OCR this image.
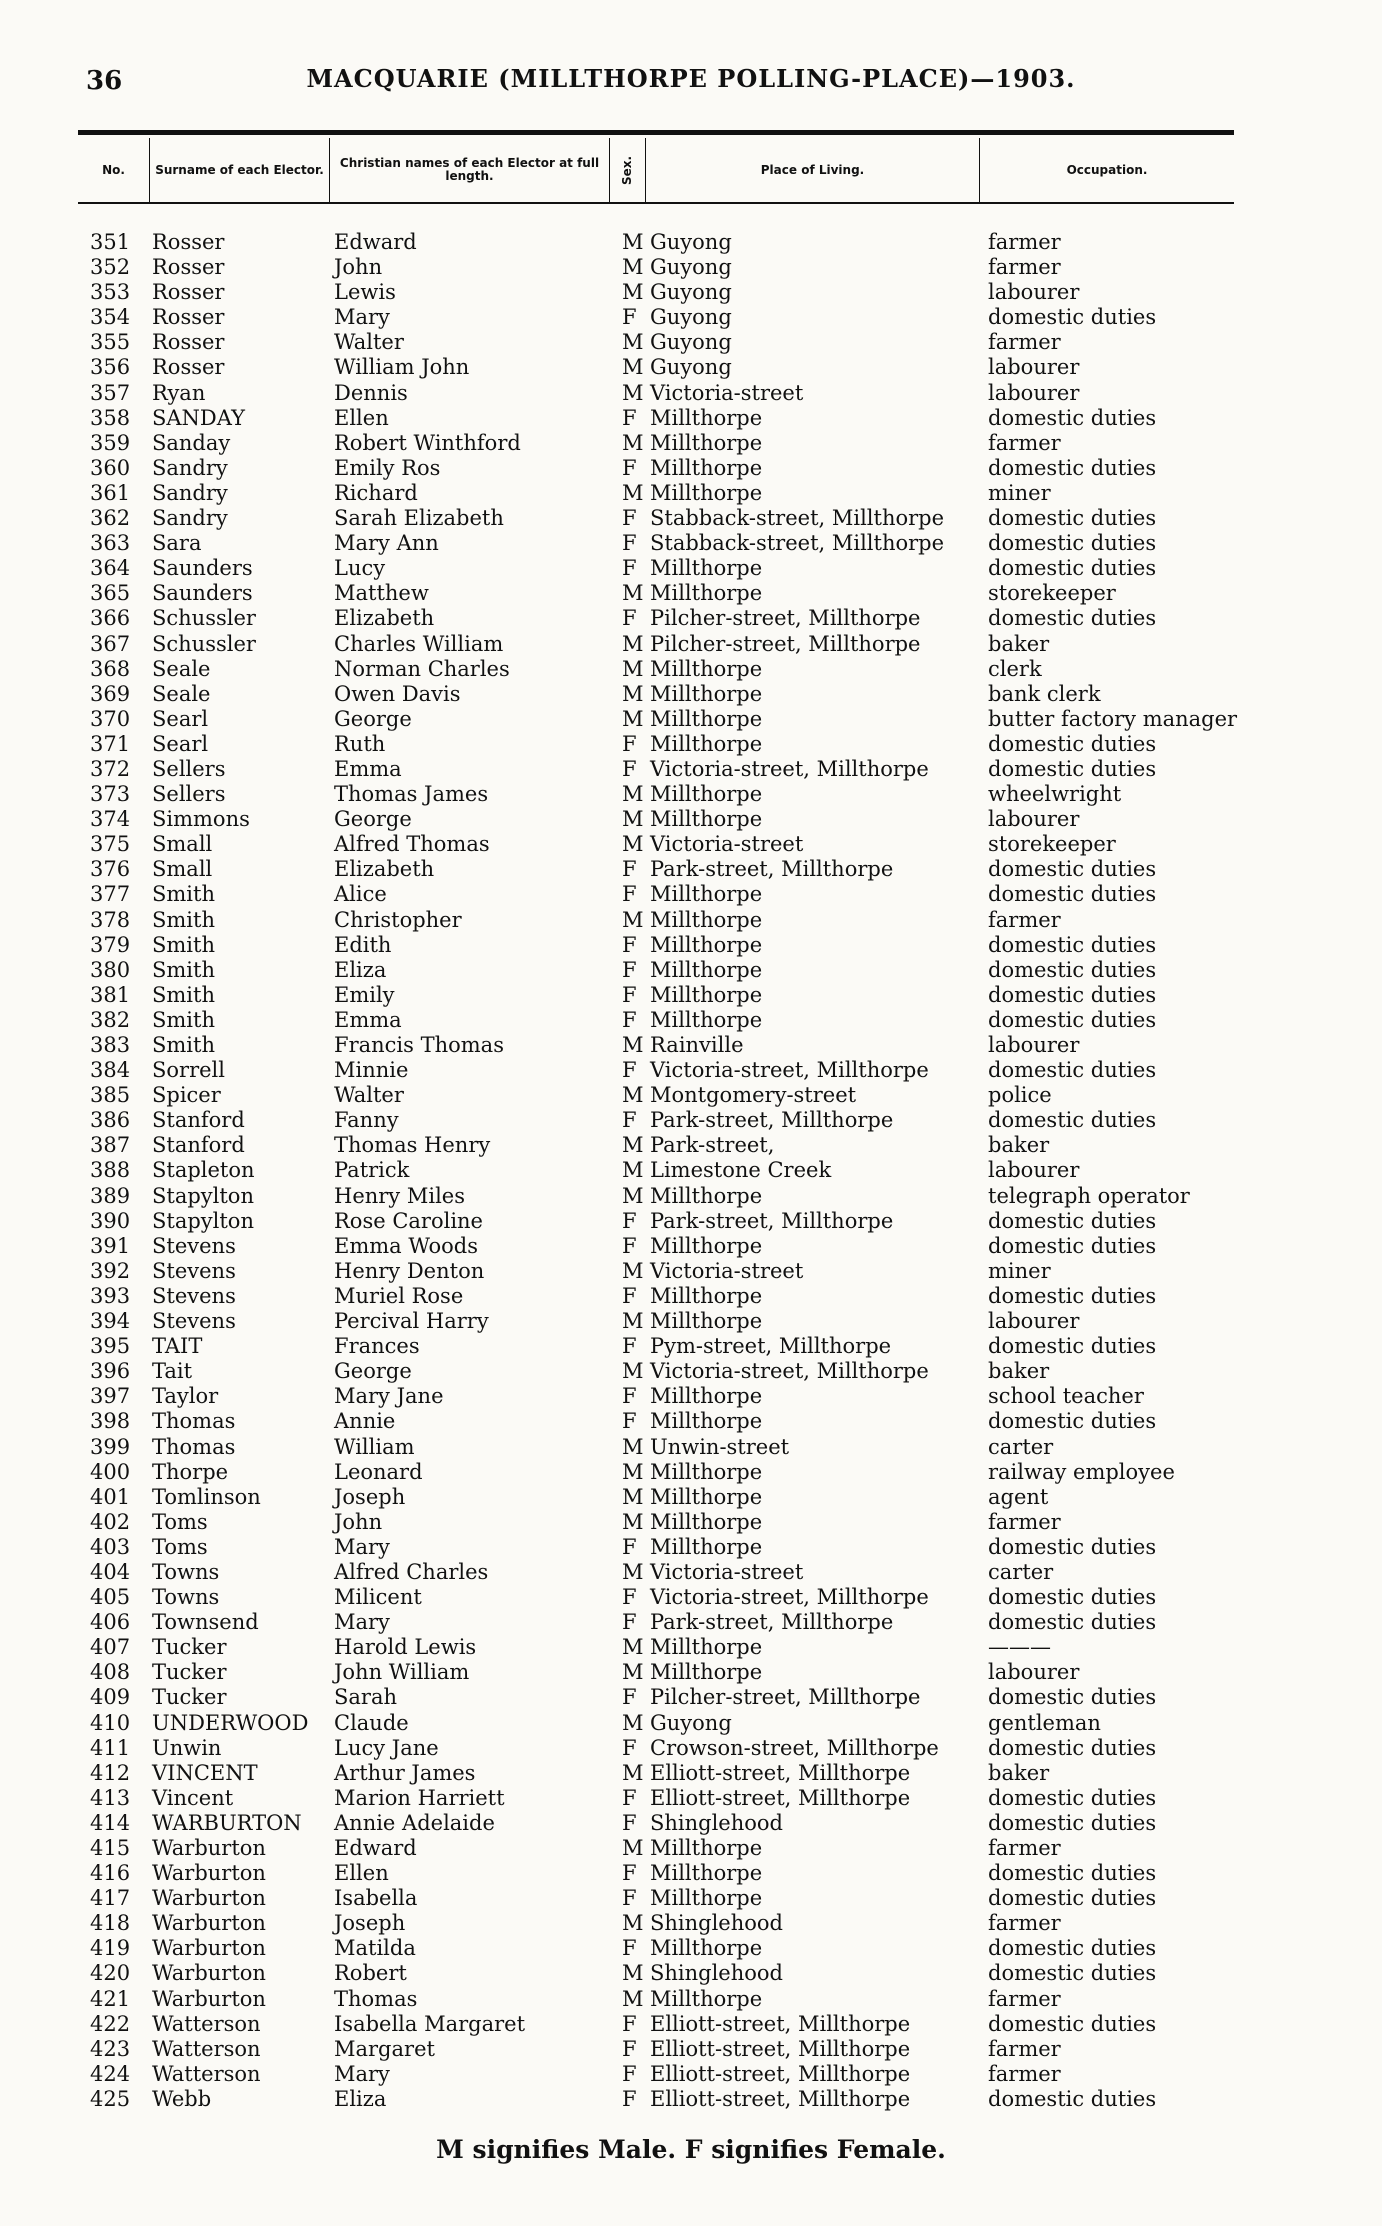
36	MACQUARIE (MILLTHORPE POLLING-PLACE)—1903.
No.	Surname of each Elector.	Christian names of each Elector at full length.	Sex.	Place of Living.	Occupation.
351	Rosser	Edward	M Guyong	farmer
352	Rosser	John	M Guyong	farmer
353	Rosser	Lewis	M Guyong	labourer
354	Rosser	Mary	F Guyong	domestic duties
355	Rosser	Walter	M Guyong	farmer
356	Rosser	William John	M Guyong	labourer
357	Ryan	Dennis	M Victoria-street	labourer
358	SANDAY	Ellen	F Millthorpe	domestic duties
359	Sanday	Robert Winthford	M Millthorpe	farmer
360	Sandry	Emily Ros	F Millthorpe	domestic duties
361	Sandry	Richard	M Millthorpe	miner
362	Sandry	Sarah Elizabeth	F Stabback-street, Millthorpe	domestic duties
363	Sara	Mary Ann	F Stabback-street, Millthorpe	domestic duties
364	Saunders	Lucy	F Millthorpe	domestic duties
365	Saunders	Matthew	M Millthorpe	storekeeper
366	Schussler	Elizabeth	F Pilcher-street, Millthorpe	domestic duties
367	Schussler	Charles William	M Pilcher-street, Millthorpe	baker
368	Seale	Norman Charles	M Millthorpe	clerk
369	Seale	Owen Davis	M Millthorpe	bank clerk
370	Searl	George	M Millthorpe	butter factory manager
371	Searl	Ruth	F Millthorpe	domestic duties
372	Sellers	Emma	F Victoria-street, Millthorpe	domestic duties
373	Sellers	Thomas James	M Millthorpe	wheelwright
374	Simmons	George	M Millthorpe	labourer
375	Small	Alfred Thomas	M Victoria-street	storekeeper
376	Small	Elizabeth	F Park-street, Millthorpe	domestic duties
377	Smith	Alice	F Millthorpe	domestic duties
378	Smith	Christopher	M Millthorpe	farmer
379	Smith	Edith	F Millthorpe	domestic duties
380	Smith	Eliza	F Millthorpe	domestic duties
381	Smith	Emily	F Millthorpe	domestic duties
382	Smith	Emma	F Millthorpe	domestic duties
383	Smith	Francis Thomas	M Rainville	labourer
384	Sorrell	Minnie	F Victoria-street, Millthorpe	domestic duties
385	Spicer	Walter	M Montgomery-street	police
386	Stanford	Fanny	F Park-street, Millthorpe	domestic duties
387	Stanford	Thomas Henry	M Park-street,	baker
388	Stapleton	Patrick	M Limestone Creek	labourer
389	Stapylton	Henry Miles	M Millthorpe	telegraph operator
390	Stapylton	Rose Caroline	F Park-street, Millthorpe	domestic duties
391	Stevens	Emma Woods	F Millthorpe	domestic duties
392	Stevens	Henry Denton	M Victoria-street	miner
393	Stevens	Muriel Rose	F Millthorpe	domestic duties
394	Stevens	Percival Harry	M Millthorpe	labourer
395	TAIT	Frances	F Pym-street, Millthorpe	domestic duties
396	Tait	George	M Victoria-street, Millthorpe	baker
397	Taylor	Mary Jane	F Millthorpe	school teacher
398	Thomas	Annie	F Millthorpe	domestic duties
399	Thomas	William	M Unwin-street	carter
400	Thorpe	Leonard	M Millthorpe	railway employee
401	Tomlinson	Joseph	M Millthorpe	agent
402	Toms	John	M Millthorpe	farmer
403	Toms	Mary	F Millthorpe	domestic duties
404	Towns	Alfred Charles	M Victoria-street	carter
405	Towns	Milicent	F Victoria-street, Millthorpe	domestic duties
406	Townsend	Mary	F Park-street, Millthorpe	domestic duties
407	Tucker	Harold Lewis	M Millthorpe	———
408	Tucker	John William	M Millthorpe	labourer
409	Tucker	Sarah	F Pilcher-street, Millthorpe	domestic duties
410	UNDERWOOD	Claude	M Guyong	gentleman
411	Unwin	Lucy Jane	F Crowson-street, Millthorpe	domestic duties
412	VINCENT	Arthur James	M Elliott-street, Millthorpe	baker
413	Vincent	Marion Harriett	F Elliott-street, Millthorpe	domestic duties
414	WARBURTON	Annie Adelaide	F Shinglehood	domestic duties
415	Warburton	Edward	M Millthorpe	farmer
416	Warburton	Ellen	F Millthorpe	domestic duties
417	Warburton	Isabella	F Millthorpe	domestic duties
418	Warburton	Joseph	M Shinglehood	farmer
419	Warburton	Matilda	F Millthorpe	domestic duties
420	Warburton	Robert	M Shinglehood	domestic duties
421	Warburton	Thomas	M Millthorpe	farmer
422	Watterson	Isabella Margaret	F Elliott-street, Millthorpe	domestic duties
423	Watterson	Margaret	F Elliott-street, Millthorpe	farmer
424	Watterson	Mary	F Elliott-street, Millthorpe	farmer
425	Webb	Eliza	F Elliott-street, Millthorpe	domestic duties
M signifies Male. F signifies Female.
